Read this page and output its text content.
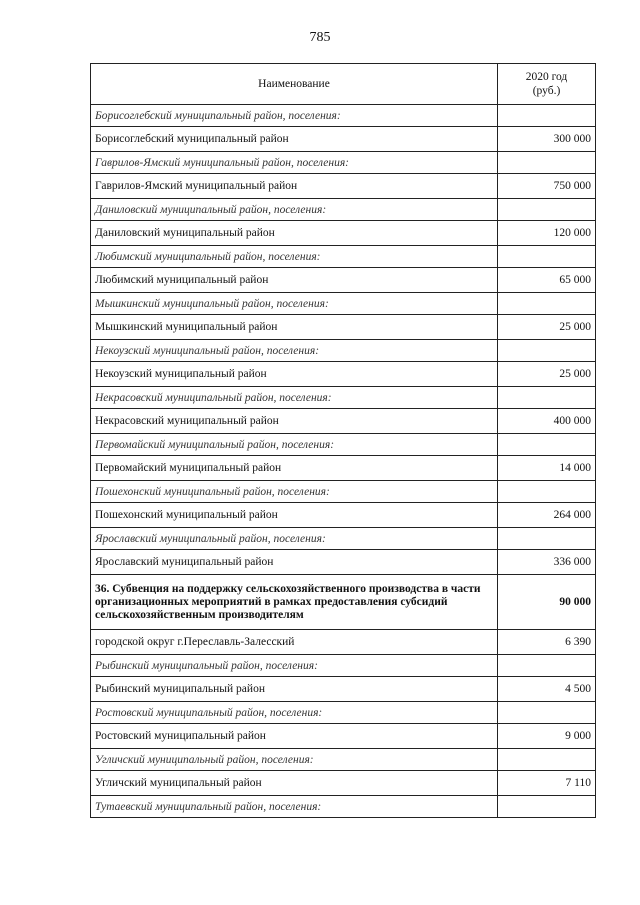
785
Наименование	2020 год
(руб.)

Борисоглебский муниципальный район, поселения:	
Борисоглебский муниципальный район	300 000
Гаврилов-Ямский муниципальный район, поселения:	
Гаврилов-Ямский муниципальный район	750 000
Даниловский муниципальный район, поселения:	
Даниловский муниципальный район	120 000
Любимский муниципальный район, поселения:	
Любимский муниципальный район	65 000
Мышкинский муниципальный район, поселения:	
Мышкинский муниципальный район	25 000
Некоузский муниципальный район, поселения:	
Некоузский муниципальный район	25 000
Некрасовский муниципальный район, поселения:	
Некрасовский муниципальный район	400 000
Первомайский муниципальный район, поселения:	
Первомайский муниципальный район	14 000
Пошехонский муниципальный район, поселения:	
Пошехонский муниципальный район	264 000
Ярославский муниципальный район, поселения:	
Ярославский муниципальный район	336 000
36. Субвенция на поддержку сельскохозяйственного производства в части организационных мероприятий в рамках предоставления субсидий сельскохозяйственным производителям	90 000
городской округ г.Переславль-Залесский	6 390
Рыбинский муниципальный район, поселения:	
Рыбинский муниципальный район	4 500
Ростовский муниципальный район, поселения:	
Ростовский муниципальный район	9 000
Угличский муниципальный район, поселения:	
Угличский муниципальный район	7 110
Тутаевский муниципальный район, поселения:	
